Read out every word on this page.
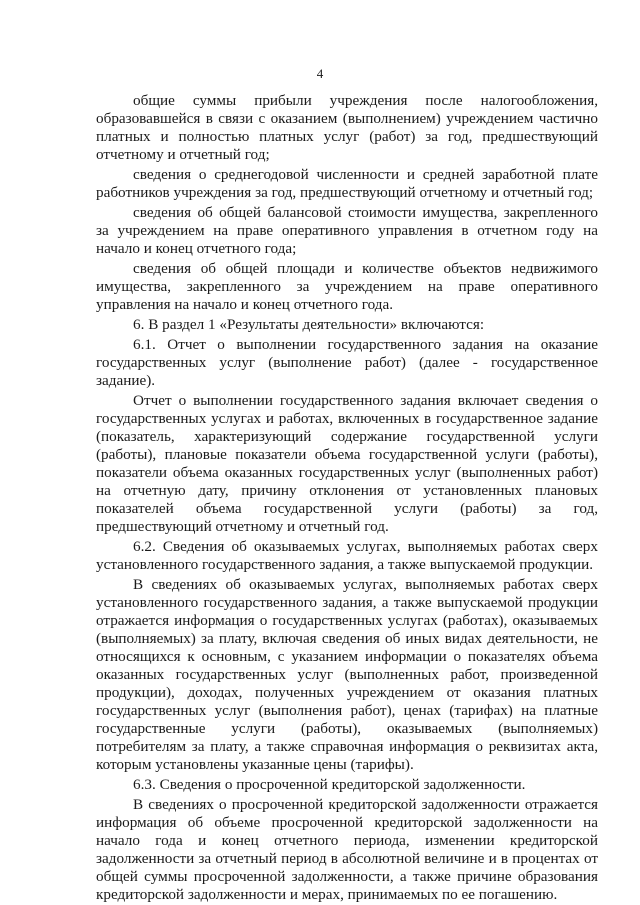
4

общие суммы прибыли учреждения после налогообложения, образовавшейся в связи с оказанием (выполнением) учреждением частично платных и полностью платных услуг (работ) за год, предшествующий отчетному и отчетный год;

сведения о среднегодовой численности и средней заработной плате работников учреждения за год, предшествующий отчетному и отчетный год;

сведения об общей балансовой стоимости имущества, закрепленного за учреждением на праве оперативного управления в отчетном году на начало и конец отчетного года;

сведения об общей площади и количестве объектов недвижимого имущества, закрепленного за учреждением на праве оперативного управления на начало и конец отчетного года.

6. В раздел 1 «Результаты деятельности» включаются:

6.1. Отчет о выполнении государственного задания на оказание государственных услуг (выполнение работ) (далее - государственное задание).

Отчет о выполнении государственного задания включает сведения о государственных услугах и работах, включенных в государственное задание (показатель, характеризующий содержание государственной услуги (работы), плановые показатели объема государственной услуги (работы), показатели объема оказанных государственных услуг (выполненных работ) на отчетную дату, причину отклонения от установленных плановых показателей объема государственной услуги (работы) за год, предшествующий отчетному и отчетный год.

6.2. Сведения об оказываемых услугах, выполняемых работах сверх установленного государственного задания, а также выпускаемой продукции.

В сведениях об оказываемых услугах, выполняемых работах сверх установленного государственного задания, а также выпускаемой продукции отражается информация о государственных услугах (работах), оказываемых (выполняемых) за плату, включая сведения об иных видах деятельности, не относящихся к основным, с указанием информации о показателях объема оказанных государственных услуг (выполненных работ, произведенной продукции), доходах, полученных учреждением от оказания платных государственных услуг (выполнения работ), ценах (тарифах) на платные государственные услуги (работы), оказываемых (выполняемых) потребителям за плату, а также справочная информация о реквизитах акта, которым установлены указанные цены (тарифы).

6.3. Сведения о просроченной кредиторской задолженности.

В сведениях о просроченной кредиторской задолженности отражается информация об объеме просроченной кредиторской задолженности на начало года и конец отчетного периода, изменении кредиторской задолженности за отчетный период в абсолютной величине и в процентах от общей суммы просроченной задолженности, а также причине образования кредиторской задолженности и мерах, принимаемых по ее погашению.
